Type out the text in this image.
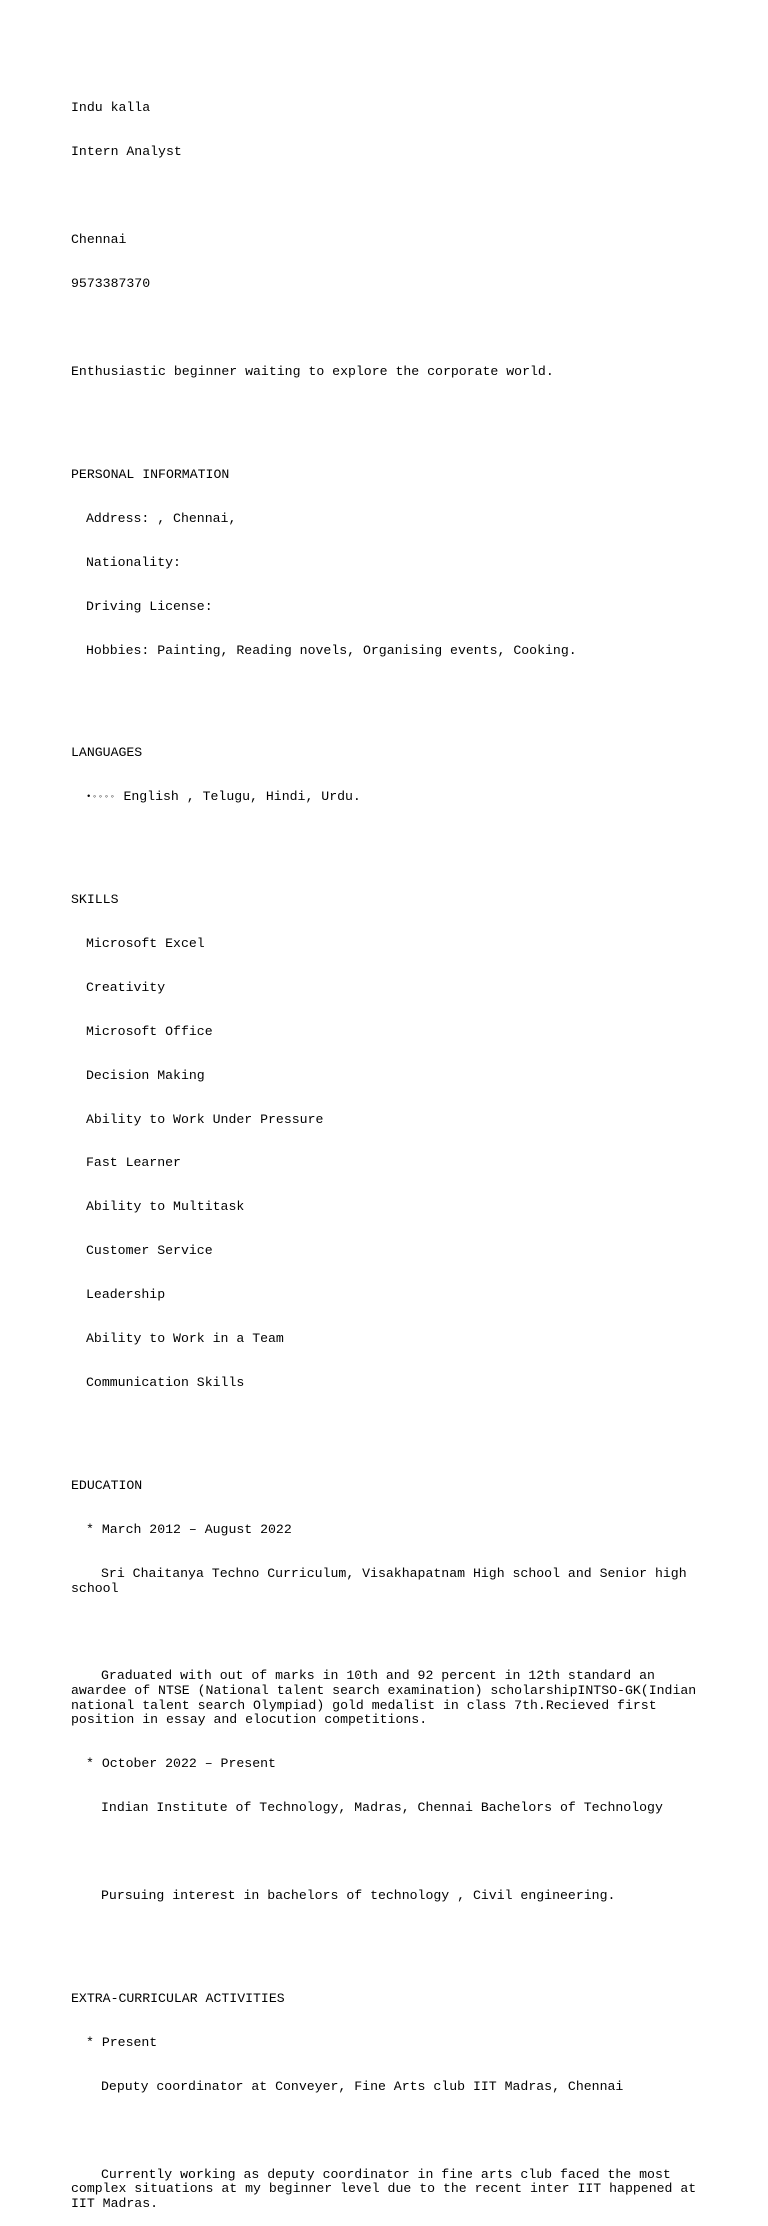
Indu kalla

Intern Analyst

Chennai

9573387370

Enthusiastic beginner waiting to explore the corporate world.

PERSONAL INFORMATION

Address: , Chennai,

Nationality:

Driving License:

Hobbies: Painting, Reading novels, Organising events, Cooking.

LANGUAGES

•◦◦◦◦ English , Telugu, Hindi, Urdu.

SKILLS

Microsoft Excel

Creativity

Microsoft Office

Decision Making

Ability to Work Under Pressure

Fast Learner

Ability to Multitask

Customer Service

Leadership

Ability to Work in a Team

Communication Skills

EDUCATION

* March 2012 – August 2022

Sri Chaitanya Techno Curriculum, Visakhapatnam High school and Senior high school

Graduated with out of marks in 10th and 92 percent in 12th standard an awardee of NTSE (National talent search examination) scholarshipINTSO-GK(Indian national talent search Olympiad) gold medalist in class 7th.Recieved first position in essay and elocution competitions.

* October 2022 – Present

Indian Institute of Technology, Madras, Chennai Bachelors of Technology

Pursuing interest in bachelors of technology , Civil engineering.

EXTRA-CURRICULAR ACTIVITIES

* Present

Deputy coordinator at Conveyer, Fine Arts club IIT Madras, Chennai

Currently working as deputy coordinator in fine arts club faced the most complex situations at my beginner level due to the recent inter IIT happened at IIT Madras.
